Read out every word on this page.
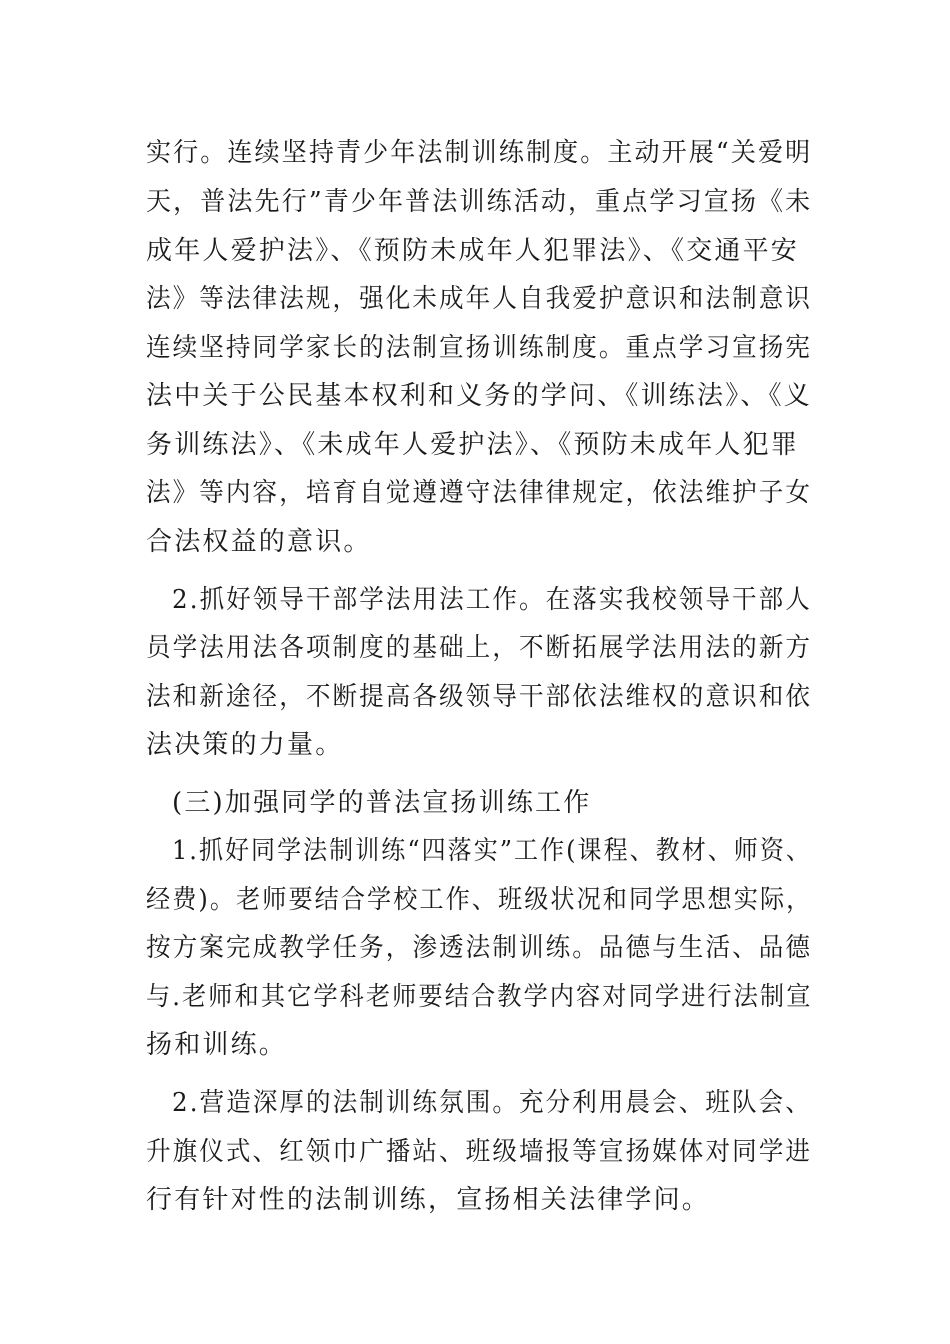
实行。连续坚持青少年法制训练制度。主动开展“关爱明
天，普法先行”青少年普法训练活动，重点学习宣扬《未
成年人爱护法》、《预防未成年人犯罪法》、《交通平安
法》等法律法规，强化未成年人自我爱护意识和法制意识
连续坚持同学家长的法制宣扬训练制度。重点学习宣扬宪
法中关于公民基本权利和义务的学问、《训练法》、《义
务训练法》、《未成年人爱护法》、《预防未成年人犯罪
法》等内容，培育自觉遵遵守法律律规定，依法维护子女
合法权益的意识。
2.抓好领导干部学法用法工作。在落实我校领导干部人
员学法用法各项制度的基础上，不断拓展学法用法的新方
法和新途径，不断提高各级领导干部依法维权的意识和依
法决策的力量。
(三)加强同学的普法宣扬训练工作
1.抓好同学法制训练“四落实”工作(课程、教材、师资、
经费)。老师要结合学校工作、班级状况和同学思想实际，
按方案完成教学任务，渗透法制训练。品德与生活、品德
与.老师和其它学科老师要结合教学内容对同学进行法制宣
扬和训练。
2.营造深厚的法制训练氛围。充分利用晨会、班队会、
升旗仪式、红领巾广播站、班级墙报等宣扬媒体对同学进
行有针对性的法制训练，宣扬相关法律学问。
